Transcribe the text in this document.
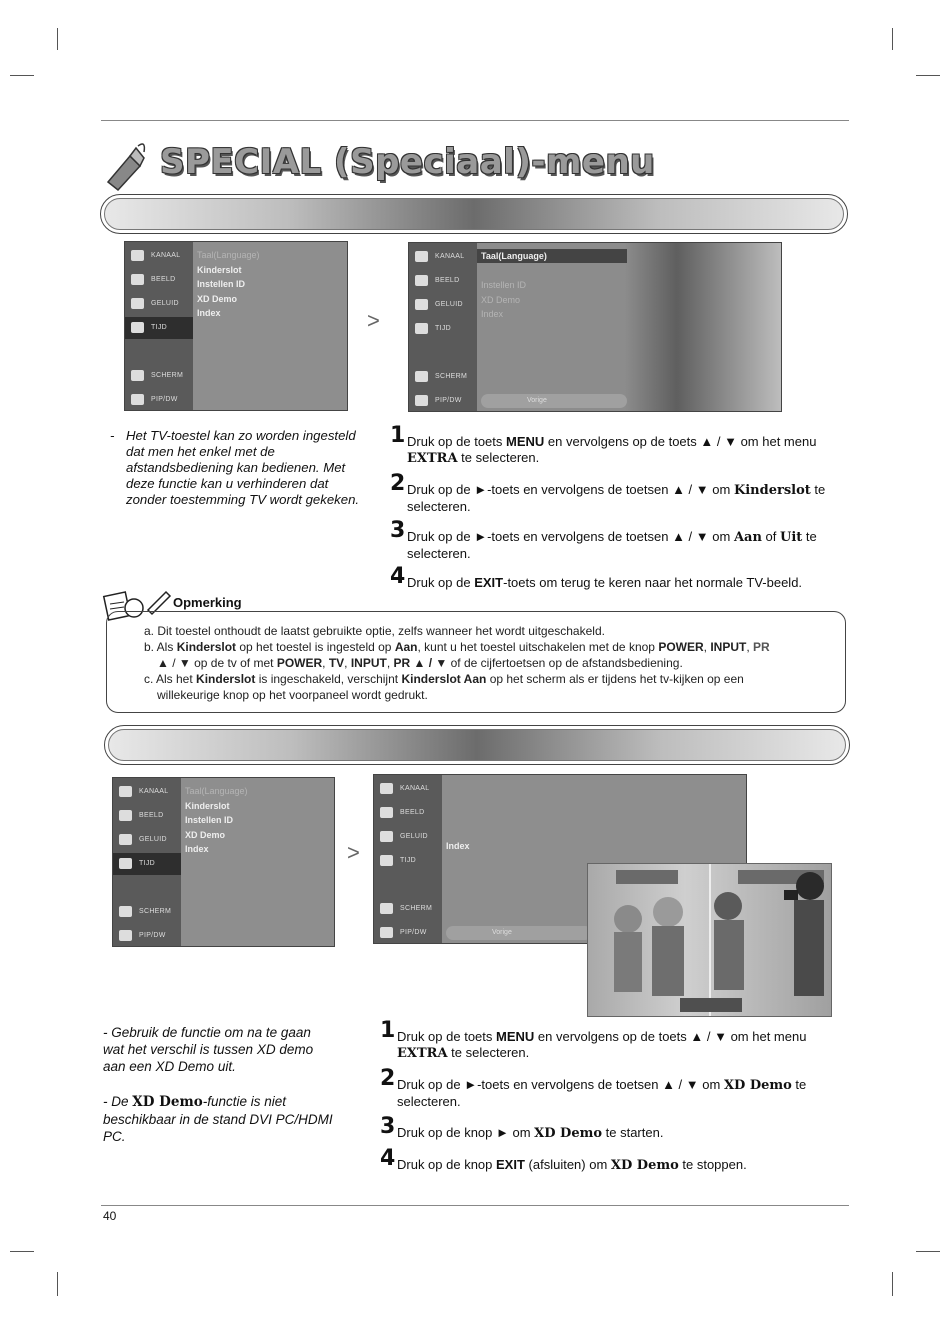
SPECIAL (Speciaal)-menu
KANAAL
BEELD
GELUID
TIJD
SCHERM
PIP/DW
Taal(Language)
Kinderslot
Instellen ID
XD Demo
Index	>
KANAAL
BEELD
GELUID
TIJD
SCHERM
PIP/DW
Taal(Language)
Instellen ID
XD Demo
Index
Vorige
- Het TV-toestel kan zo worden ingesteld dat men het enkel met de afstandsbediening kan bedienen. Met deze functie kan u verhinderen dat zonder toestemming TV wordt gekeken.
1 Druk op de toets MENU en vervolgens op de toets ▲ / ▼ om het menu EXTRA te selecteren.
2 Druk op de ►-toets en vervolgens de toetsen ▲ / ▼ om Kinderslot te selecteren.
3 Druk op de ►-toets en vervolgens de toetsen ▲ / ▼ om Aan of Uit te selecteren.
4 Druk op de EXIT-toets om terug te keren naar het normale TV-beeld.
Opmerking
a. Dit toestel onthoudt de laatst gebruikte optie, zelfs wanneer het wordt uitgeschakeld.
b. Als Kinderslot op het toestel is ingesteld op Aan, kunt u het toestel uitschakelen met de knop POWER, INPUT, PR
▲ / ▼ op de tv of met POWER, TV, INPUT, PR ▲ / ▼ of de cijfertoetsen op de afstandsbediening.
c. Als het Kinderslot is ingeschakeld, verschijnt Kinderslot Aan op het scherm als er tijdens het tv-kijken op een
willekeurige knop op het voorpaneel wordt gedrukt.
KANAAL
BEELD
GELUID
TIJD
SCHERM
PIP/DW
Taal(Language)
Kinderslot
Instellen ID
XD Demo
Index	>
KANAAL
BEELD
GELUID
TIJD
SCHERM
PIP/DW
Index
Vorige
- Gebruik de functie om na te gaan wat het verschil is tussen XD demo aan een XD Demo uit.
- De XD Demo-functie is niet beschikbaar in de stand DVI PC/HDMI PC.
1 Druk op de toets MENU en vervolgens op de toets ▲ / ▼ om het menu EXTRA te selecteren.
2 Druk op de ►-toets en vervolgens de toetsen ▲ / ▼ om XD Demo te selecteren.
3 Druk op de knop ► om XD Demo te starten.
4 Druk op de knop EXIT (afsluiten) om XD Demo te stoppen.
40
